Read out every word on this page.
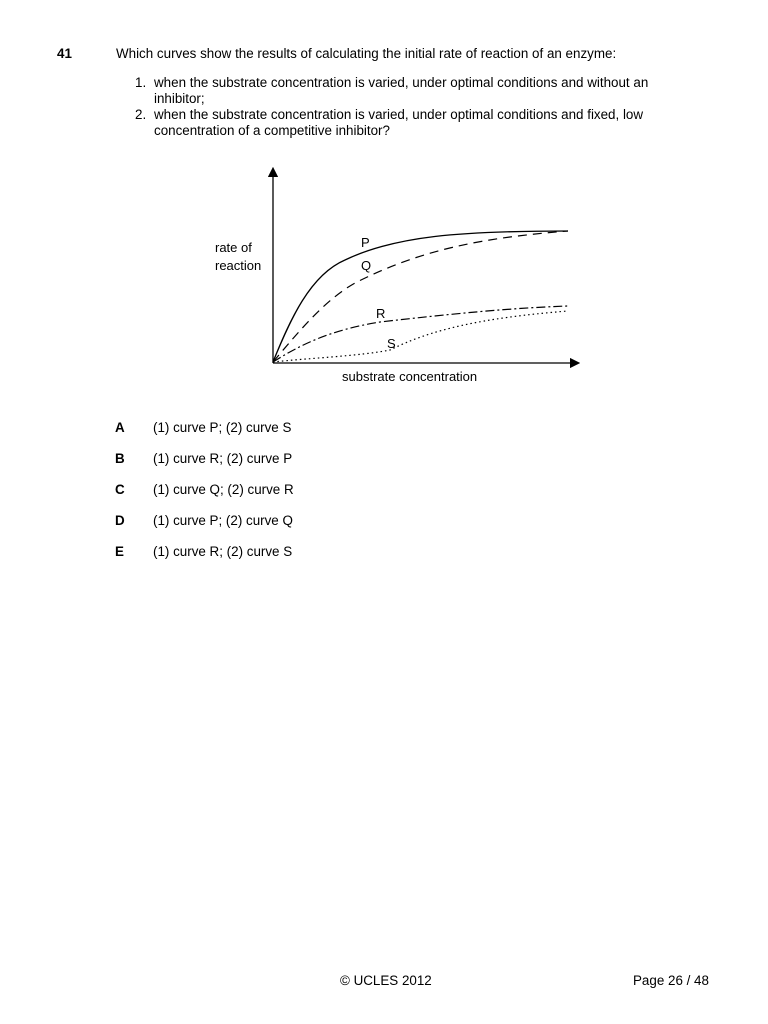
41	Which curves show the results of calculating the initial rate of reaction of an enzyme:
1. when the substrate concentration is varied, under optimal conditions and without an inhibitor;
2. when the substrate concentration is varied, under optimal conditions and fixed, low concentration of a competitive inhibitor?
rate of
reaction
substrate concentration
P
Q
R
S
A (1) curve P; (2) curve S
B (1) curve R; (2) curve P
C (1) curve Q; (2) curve R
D (1) curve P; (2) curve Q
E (1) curve R; (2) curve S
© UCLES 2012	Page 26 / 48
